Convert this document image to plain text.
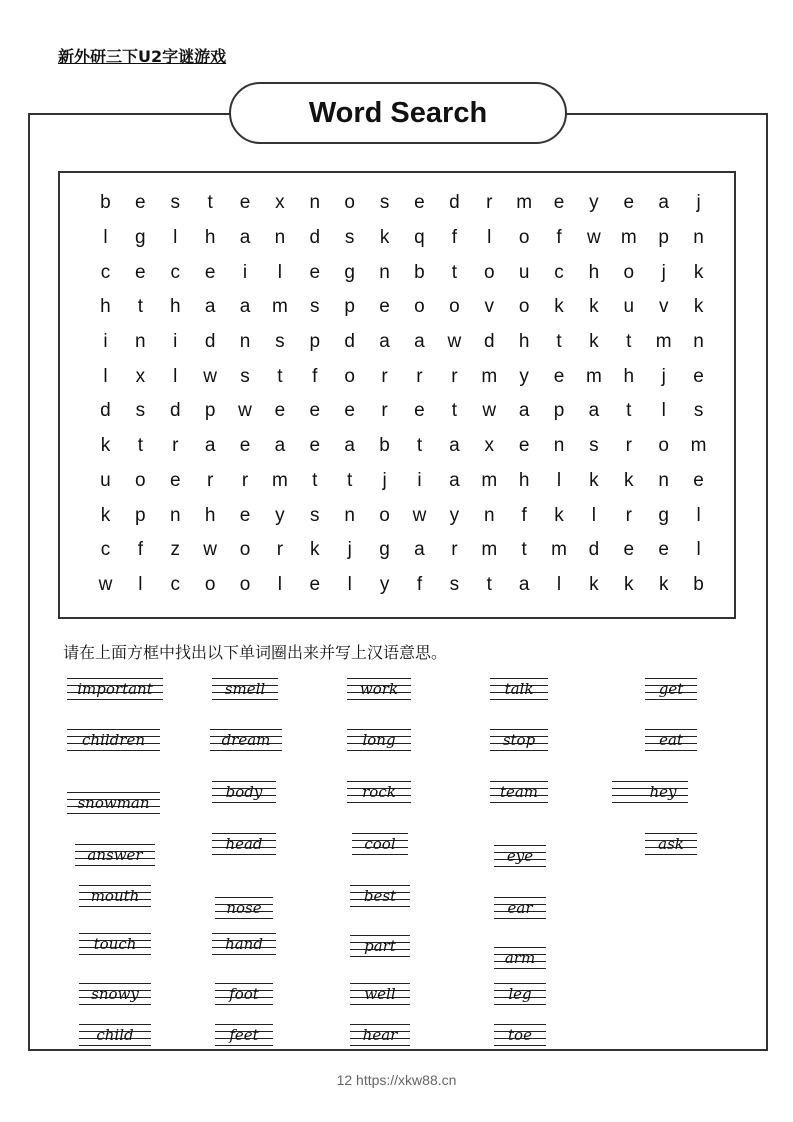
新外研三下U2字谜游戏
Word Search
b	e	s	t	e	x	n	o	s	e	d	r	m	e	y	e	a	j
l	g	l	h	a	n	d	s	k	q	f	l	o	f	w	m	p	n
c	e	c	e	i	l	e	g	n	b	t	o	u	c	h	o	j	k
h	t	h	a	a	m	s	p	e	o	o	v	o	k	k	u	v	k
i	n	i	d	n	s	p	d	a	a	w	d	h	t	k	t	m	n
l	x	l	w	s	t	f	o	r	r	r	m	y	e	m	h	j	e
d	s	d	p	w	e	e	e	r	e	t	w	a	p	a	t	l	s
k	t	r	a	e	a	e	a	b	t	a	x	e	n	s	r	o	m
u	o	e	r	r	m	t	t	j	i	a	m	h	l	k	k	n	e
k	p	n	h	e	y	s	n	o	w	y	n	f	k	l	r	g	l
c	f	z	w	o	r	k	j	g	a	r	m	t	m	d	e	e	l
w	l	c	o	o	l	e	l	y	f	s	t	a	l	k	k	k	b
请在上面方框中找出以下单词圈出来并写上汉语意思。
important
children
snowman
answer
mouth
touch
snowy
child
smell
dream
body
head
nose
hand
foot
feet
work
long
rock
cool
best
part
well
hear
talk
stop
team
eye
ear
arm
leg
toe
get
eat
hey
ask
12 https://xkw88.cn
